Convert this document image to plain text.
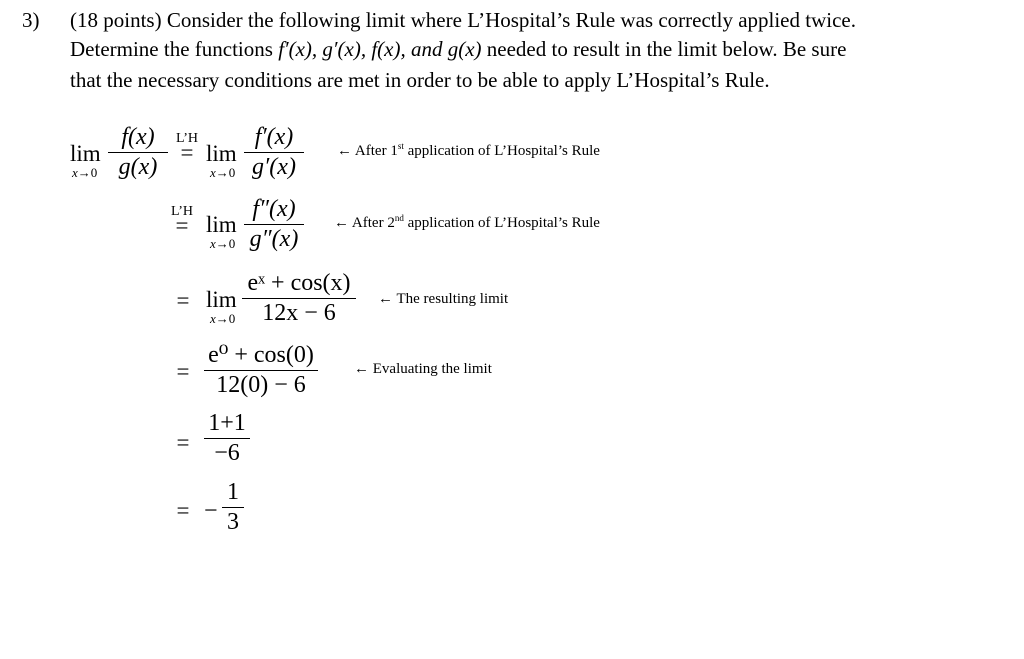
3) (18 points) Consider the following limit where L’Hospital’s Rule was correctly applied twice.
Determine the functions f′(x), g′(x), f(x), and g(x) needed to result in the limit below. Be sure
that the necessary conditions are met in order to be able to apply L’Hospital’s Rule.
lim
x→0
f(x)
g(x)
L’H
= lim
x→0
f′(x)
g′(x)
← After 1st application of L’Hospital’s Rule
L’H
= lim
x→0
f″(x)
g″(x)
← After 2nd application of L’Hospital’s Rule
= lim
x→0
eˣ + cos(x)
12x − 6
← The resulting limit
=
e⁰ + cos(0)
12(0) − 6
← Evaluating the limit
=
1+1
−6
= −
1
3
